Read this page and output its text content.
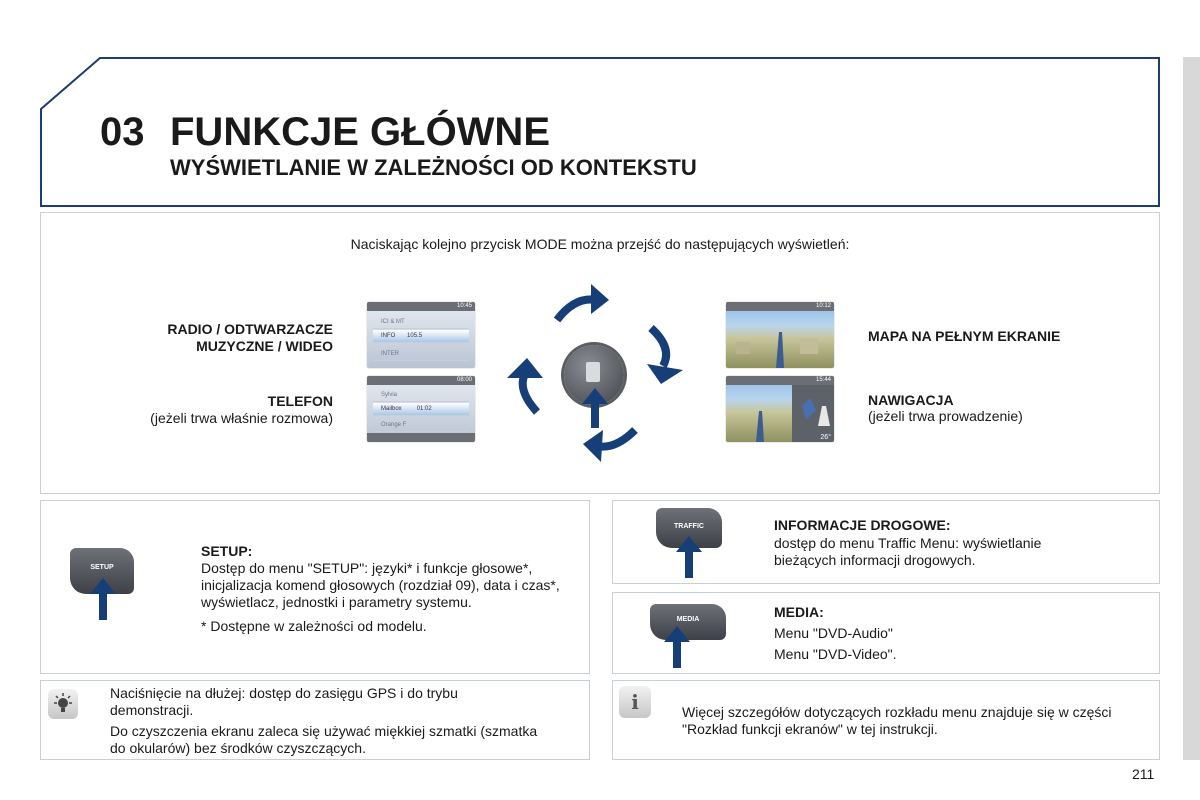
03 FUNKCJE GŁÓWNE
WYŚWIETLANIE W ZALEŻNOŚCI OD KONTEKSTU
Naciskając kolejno przycisk MODE można przejść do następujących wyświetleń:
RADIO / ODTWARZACZE
MUZYCZNE / WIDEO
TELEFON
(jeżeli trwa właśnie rozmowa)
MAPA NA PEŁNYM EKRANIE
NAWIGACJA
(jeżeli trwa prowadzenie)
10:45
ICI & MT
INFO 105.5
INTER
08:00
Sylvia
Mailbox	01:02
Orange F
10:12
15:44
26°
SETUP
SETUP:
Dostęp do menu "SETUP": języki* i funkcje głosowe*, inicjalizacja komend głosowych (rozdział 09), data i czas*, wyświetlacz, jednostki i parametry systemu.
* Dostępne w zależności od modelu.
TRAFFIC	INFORMACJE DROGOWE:
dostęp do menu Traffic Menu: wyświetlanie bieżących informacji drogowych.
MEDIA	MEDIA:
Menu "DVD-Audio"
Menu "DVD-Video".
Naciśnięcie na dłużej: dostęp do zasięgu GPS i do trybu demonstracji.
Do czyszczenia ekranu zaleca się używać miękkiej szmatki (szmatka do okularów) bez środków czyszczących.
i	Więcej szczegółów dotyczących rozkładu menu znajduje się w części "Rozkład funkcji ekranów" w tej instrukcji.
211
